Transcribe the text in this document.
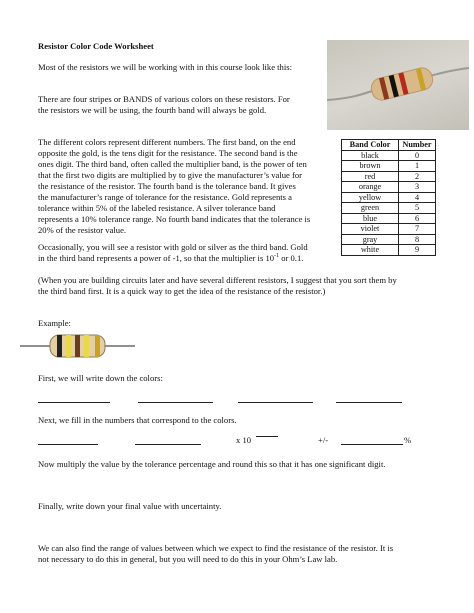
Resistor Color Code Worksheet
Most of the resistors we will be working with in this course look like this:
There are four stripes or BANDS of various colors on these resistors. For
the resistors we will be using, the fourth band will always be gold.
The different colors represent different numbers. The first band, on the end
opposite the gold, is the tens digit for the resistance. The second band is the
ones digit. The third band, often called the multiplier band, is the power of ten
that the first two digits are multiplied by to give the manufacturer’s value for
the resistance of the resistor. The fourth band is the tolerance band. It gives
the manufacturer’s range of tolerance for the resistance. Gold represents a
tolerance within 5% of the labeled resistance. A silver tolerance band
represents a 10% tolerance range. No fourth band indicates that the tolerance is
20% of the resistor value.
Band Color	Number
black	0
brown	1
red	2
orange	3
yellow	4
green	5
blue	6
violet	7
gray	8
white	9
Occasionally, you will see a resistor with gold or silver as the third band. Gold
in the third band represents a power of -1, so that the multiplier is $10^{-1}$ or 0.1.
(When you are building circuits later and have several different resistors, I suggest that you sort them by
the third band first. It is a quick way to get the idea of the resistance of the resistor.)
Example:
First, we will write down the colors:
Next, we fill in the numbers that correspond to the colors.
x 10	+/-	%
Now multiply the value by the tolerance percentage and round this so that it has one significant digit.
Finally, write down your final value with uncertainty.
We can also find the range of values between which we expect to find the resistance of the resistor. It is
not necessary to do this in general, but you will need to do this in your Ohm’s Law lab.
